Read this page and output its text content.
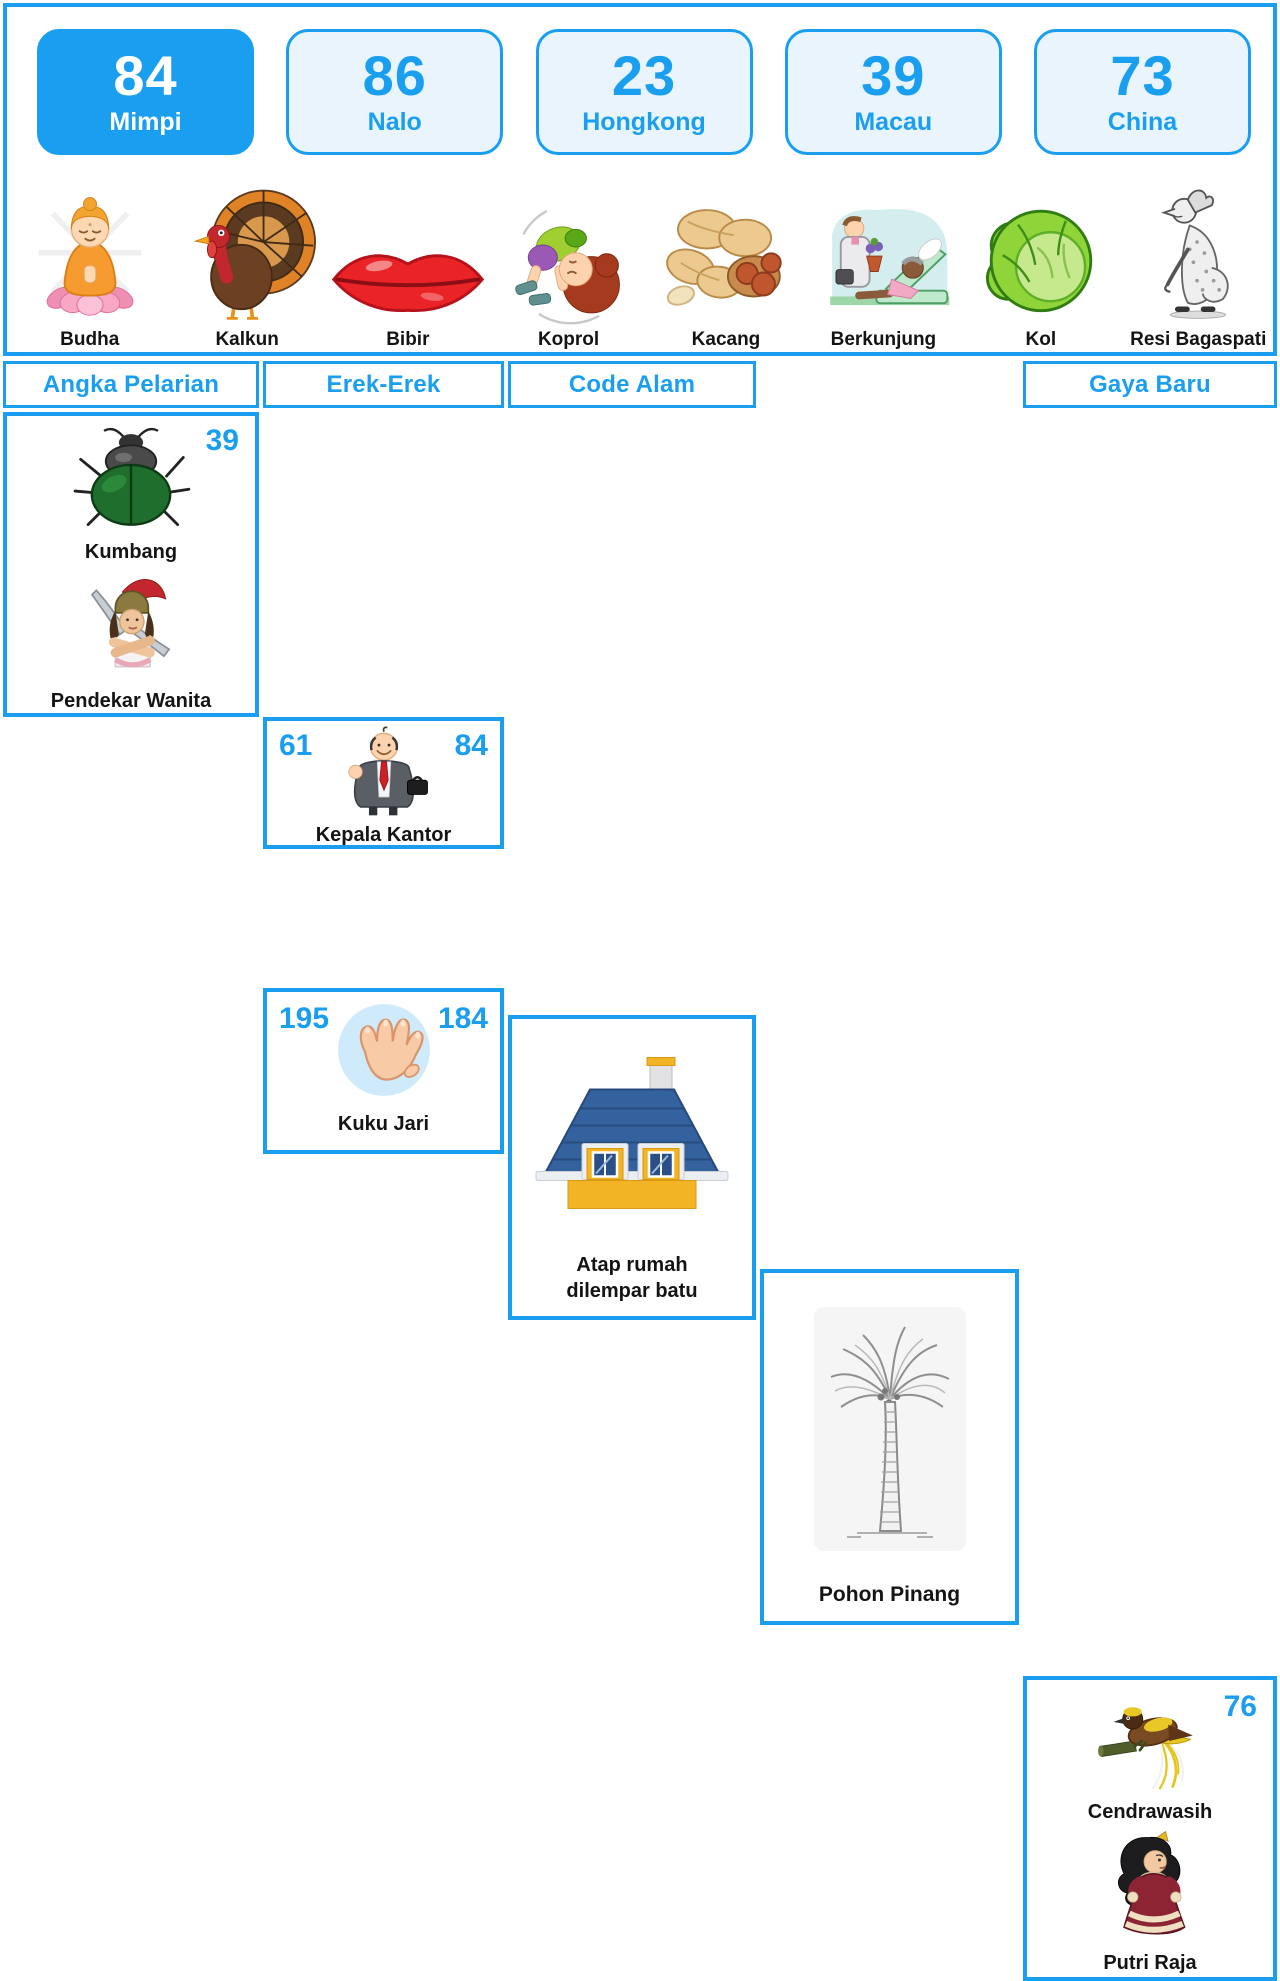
84
Mimpi
86
Nalo
23
Hongkong
39
Macau
73
China
Budha	Kalkun	Bibir	Koprol	Kacang	Berkunjung	Kol	Resi Bagaspati
Angka Pelarian
39
Kumbang
Pendekar Wanita
Erek-Erek
61	84
Kepala Kantor
195	184
Kuku Jari
Code Alam
Atap rumah
dilempar batu
Pohon Pinang
Gaya Baru
76
Cendrawasih
Putri Raja
